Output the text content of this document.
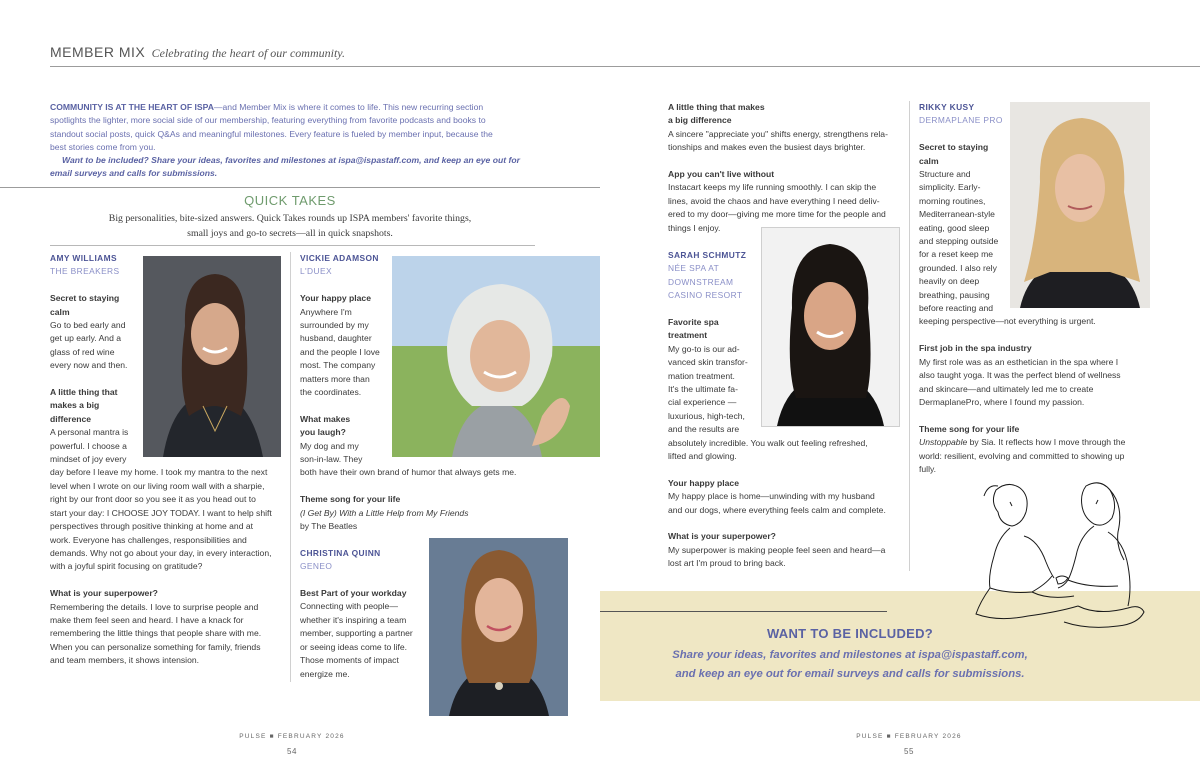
MEMBER MIX Celebrating the heart of our community.

COMMUNITY IS AT THE HEART OF ISPA—and Member Mix is where it comes to life. This new recurring section

spotlights the lighter, more social side of our membership, featuring everything from favorite podcasts and books to

standout social posts, quick Q&As and meaningful milestones. Every feature is fueled by member input, because the

best stories come from you.

Want to be included? Share your ideas, favorites and milestones at ispa@ispastaff.com, and keep an eye out for

email surveys and calls for submissions.

QUICK TAKES

Big personalities, bite-sized answers. Quick Takes rounds up ISPA members' favorite things,

small joys and go-to secrets—all in quick snapshots.

AMY WILLIAMS

THE BREAKERS

Secret to staying

calm

Go to bed early and

get up early. And a

glass of red wine

every now and then.

A little thing that

makes a big

difference

A personal mantra is

powerful. I choose a

mindset of joy every

day before I leave my home. I took my mantra to the next

level when I wrote on our living room wall with a sharpie,

right by our front door so you see it as you head out to

start your day: I CHOOSE JOY TODAY. I want to help shift

perspectives through positive thinking at home and at

work. Everyone has challenges, responsibilities and

demands. Why not go about your day, in every interaction,

with a joyful spirit focusing on gratitude?

What is your superpower?

Remembering the details. I love to surprise people and

make them feel seen and heard. I have a knack for

remembering the little things that people share with me.

When you can personalize something for family, friends

and team members, it shows intension.

VICKIE ADAMSON

L'DUEX

Your happy place

Anywhere I'm

surrounded by my

husband, daughter

and the people I love

most. The company

matters more than

the coordinates.

What makes

you laugh?

My dog and my

son-in-law. They

both have their own brand of humor that always gets me.

Theme song for your life

(I Get By) With a Little Help from My Friends

by The Beatles

CHRISTINA QUINN

GENEO

Best Part of your workday

Connecting with people—

whether it's inspiring a team

member, supporting a partner

or seeing ideas come to life.

Those moments of impact

energize me.

A little thing that makes

a big difference

A sincere "appreciate you" shifts energy, strengthens rela-

tionships and makes even the busiest days brighter.

App you can't live without

Instacart keeps my life running smoothly. I can skip the

lines, avoid the chaos and have everything I need deliv-

ered to my door—giving me more time for the people and

things I enjoy.

SARAH SCHMUTZ

NÉE SPA AT

DOWNSTREAM

CASINO RESORT

Favorite spa

treatment

My go-to is our ad-

vanced skin transfor-

mation treatment.

It's the ultimate fa-

cial experience —

luxurious, high-tech,

and the results are

absolutely incredible. You walk out feeling refreshed,

lifted and glowing.

Your happy place

My happy place is home—unwinding with my husband

and our dogs, where everything feels calm and complete.

What is your superpower?

My superpower is making people feel seen and heard—a

lost art I'm proud to bring back.

RIKKY KUSY

DERMAPLANE PRO

Secret to staying

calm

Structure and

simplicity. Early-

morning routines,

Mediterranean-style

eating, good sleep

and stepping outside

for a reset keep me

grounded. I also rely

heavily on deep

breathing, pausing

before reacting and

keeping perspective—not everything is urgent.

First job in the spa industry

My first role was as an esthetician in the spa where I

also taught yoga. It was the perfect blend of wellness

and skincare—and ultimately led me to create

DermaplanePro, where I found my passion.

Theme song for your life

Unstoppable by Sia. It reflects how I move through the

world: resilient, evolving and committed to showing up

fully.

WANT TO BE INCLUDED?

Share your ideas, favorites and milestones at ispa@ispastaff.com,

and keep an eye out for email surveys and calls for submissions.

PULSE ■ FEBRUARY 2026
54
PULSE ■ FEBRUARY 2026
55
